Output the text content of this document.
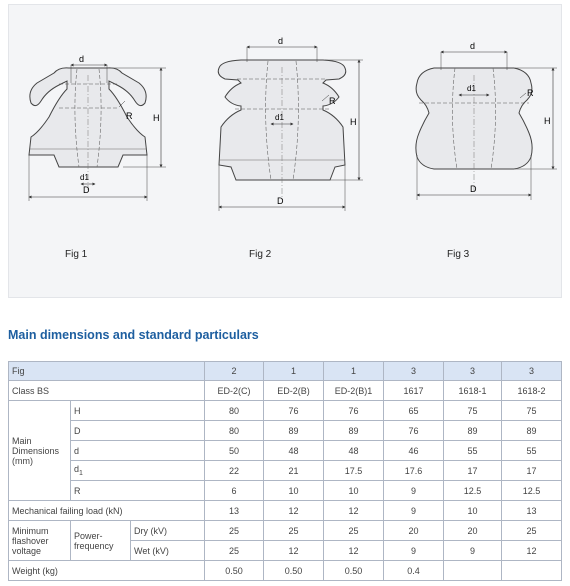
d
R H
d1
D
d
R
H
d1
D
d
R
H
d1
D
Fig 1	Fig 2	Fig 3
Main dimensions and standard particulars
Fig			2	1	1	3	3	3
Class BS			ED-2(C)	ED-2(B)	ED-2(B)1	1617	1618-1	1618-2
Main Dimensions (mm)	H		80	76	76	65	75	75
	D		80	89	89	76	89	89
	d		50	48	48	46	55	55
	$d_1$		22	21	17.5	17.6	17	17
	R		6	10	10	9	12.5	12.5
Mechanical failing load (kN)			13	12	12	9	10	13
Minimum flashover voltage	Power-frequency	Dry (kV)	25	25	25	20	20	25
		Wet (kV)	25	12	12	9	9	12
Weight (kg)			0.50	0.50	0.50	0.4		
